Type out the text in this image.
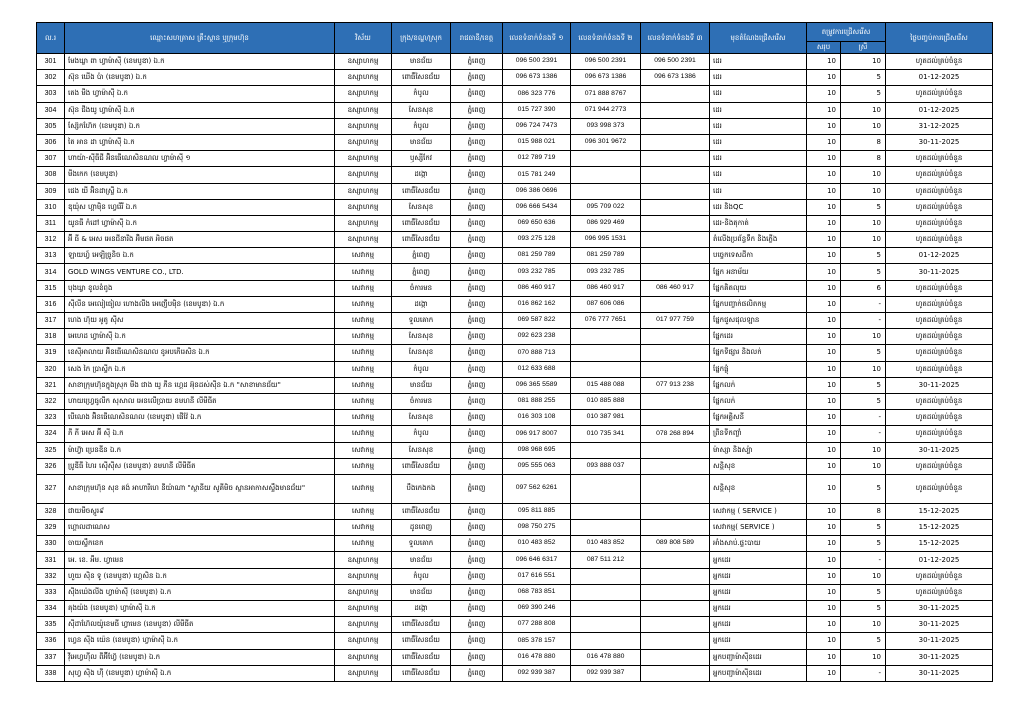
ល.រ	ឈ្មោះសហគ្រាស គ្រឹះស្ថាន ឬក្រុមហ៊ុន	វិស័យ	ក្រុង/ខណ្ឌ/ស្រុក	រាជធានី/ខេត្ត	លេខទំនាក់ទំនងទី ១	លេខទំនាក់ទំនងទី ២	លេខទំនាក់ទំនងទី ៣	មុខតំណែងជ្រើសរើស	តម្រូវការជ្រើសរើស		ថ្ងៃបញ្ចប់ការជ្រើសរើស
									សរុប	ស្រី	
301	មែងឃ្លា ពា ហ្វាម៉ាស៊ី (ខេមបូឌា) ឯ.ក	ឧស្សាហកម្ម	មានជ័យ	ភ្នំពេញ	096 500 2391	096 500 2391	096 500 2391	ដេរ	10	10	ហូតដល់គ្រប់ចំនួន
302	ស៊ុន ឃើង ប៉ា (ខេមបូឌា) ឯ.ក	ឧស្សាហកម្ម	ពោធិ៍សែនជ័យ	ភ្នំពេញ	096 673 1386	096 673 1386	096 673 1386	ដេរ	10	5	01-12-2025
303	តេង មីង ហ្វាម៉ាស៊ី ឯ.ក	ឧស្សាហកម្ម	កំបូល	ភ្នំពេញ	086 323 776	071 888 8767		ដេរ	10	5	ហូតដល់គ្រប់ចំនួន
304	ស៊ុន ជីងយូ ហ្វាម៉ាស៊ី ឯ.ក	ឧស្សាហកម្ម	សែនសុខ	ភ្នំពេញ	015 727 390	071 944 2773		ដេរ	10	10	01-12-2025
305	ស្ស៊ែកហ៊ែក (ខេមបូឌា) ឯ.ក	ឧស្សាហកម្ម	កំបូល	ភ្នំពេញ	096 724 7473	093 998 373		ដេរ	10	10	31-12-2025
306	តៃ អាន ដា ហ្វាម៉ាស៊ី ឯ.ក	ឧស្សាហកម្ម	មានជ័យ	ភ្នំពេញ	015 988 021	096 301 9672		ដេរ	10	8	30-11-2025
307	ហាយ៉ា-ស៊ីធីជី អ៊ិនធើណេសិនណល ហ្វាម៉ាស៊ី ១	ឧស្សាហកម្ម	ឫស្សីកែវ	ភ្នំពេញ	012 789 719			ដេរ	10	8	ហូតដល់គ្រប់ចំនួន
308	មីងកេក (ខេមបូឌា)	ឧស្សាហកម្ម	ដង្កោ	ភ្នំពេញ	015 781 249			ដេរ	10	10	ហូតដល់គ្រប់ចំនួន
309	ជេង យី អ៊ិនដាស្ទ្រី ឯ.ក	ឧស្សាហកម្ម	ពោធិ៍សែនជ័យ	ភ្នំពេញ	096 386 0696			ដេរ	10	10	ហូតដល់គ្រប់ចំនួន
310	ឌុយ៉ុស ហ្គាម៉ិន ហ្វេរើរី ឯ.ក	ឧស្សាហកម្ម	សែនសុខ	ភ្នំពេញ	096 666 5434	095 709 022		ដេរ និងQC	10	5	ហូតដល់គ្រប់ចំនួន
311	យូនធី កំដៅ ហ្វាម៉ាស៊ី ឯ.ក	ឧស្សាហកម្ម	ពោធិ៍សែនជ័យ	ភ្នំពេញ	069 650 636	086 929 469		ដេរ-និងតុកាត់	10	10	ហូតដល់គ្រប់ចំនួន
312	អ៊ី ធី & អេស អេនជីនារីង អ៊ិមផត អិចផត	ឧស្សាហកម្ម	ពោធិ៍សែនជ័យ	ភ្នំពេញ	093 275 128	096 995 1531		តំលើងប្រព័ន្ធទឹក និងភ្លើង	10	10	ហូតដល់គ្រប់ចំនួន
313	ឡាយហ្វ៍ អេឡិច្រូនិច ឯ.ក	សេវាកម្ម	ភ្នំពេញ	ភ្នំពេញ	081 259 789	081 259 789		បច្ចេកទេសដីកា	10	5	01-12-2025
314	GOLD WINGS VENTURE CO., LTD.	សេវាកម្ម	ភ្នំពេញ	ភ្នំពេញ	093 232 785	093 232 785		ផ្នែក អនាម័យ	10	5	30-11-2025
315	បុងឃ្វា ខូលខំពូង	សេវាកម្ម	ចំការមន	ភ្នំពេញ	086 460 917	086 460 917	086 460 917	ផ្នែកគិតលុយ	10	6	ហូតដល់គ្រប់ចំនួន
316	ស៊ីលីន អេលៀធៀល ហោងលីង អេញើបម៉ិន (ខេមបូឌា) ឯ.ក	សេវាកម្ម	ដង្កោ	ភ្នំពេញ	016 862 162	087 606 086		ផ្នែកបញ្ចាក់ផលិតកម្ម	10	-	ហូតដល់គ្រប់ចំនួន
317	ហេង ហ៊ុយ អូតូ ស៊ីស	សេវាកម្ម	ទួលគោក	ភ្នំពេញ	069 587 822	076 777 7651	017 977 759	ផ្នែកជួសជុលឡាន	10	-	ហូតដល់គ្រប់ចំនួន
318	អេហេដ ហ្វាម៉ាស៊ី ឯ.ក	សេវាកម្ម	សែនសុខ	ភ្នំពេញ	092 623 238			ផ្នែកដេរ	10	10	ហូតដល់គ្រប់ចំនួន
319	ខេស៊ីអាលាយ អ៊ិនធើណេសិនណល ខូអបភើរេសិន ឯ.ក	សេវាកម្ម	សែនសុខ	ភ្នំពេញ	070 888 713			ផ្នែកទីផ្សារ និងលក់	10	5	ហូតដល់គ្រប់ចំនួន
320	សេង កៃ ប្រាស្ទីក ឯ.ក	សេវាកម្ម	កំបូល	ភ្នំពេញ	012 633 688			ផ្នែកផ្លុំ	10	10	ហូតដល់គ្រប់ចំនួន
321	សាខាក្រុមហ៊ុនក្នុងស្រុក មីង ជាង យូ ភីន ហ្គេដ អ៊ុនដស់ស៊ីន ឯ.ក "សាខាមានជ័យ"	សេវាកម្ម	មានជ័យ	ភ្នំពេញ	096 365 5589	015 488 088	077 913 238	ផ្នែកលក់	10	5	30-11-2025
322	ហាយហ្វ្រេធូលីក សុសាល អេនលើប្រាយ ខមហនី លីមីធីត	សេវាកម្ម	ចំការមន	ភ្នំពេញ	081 888 255	010 885 888		ផ្នែកលក់	10	5	ហូតដល់គ្រប់ចំនួន
323	បើណេង អ៊ិនធើណេសិនណល (ខេមបូឌា) ផើវ៉ែ ឯ.ក	សេវាកម្ម	សែនសុខ	ភ្នំពេញ	016 303 108	010 387 981		ផ្នែកអគ្គិសនី	10	-	ហូតដល់គ្រប់ចំនួន
324	ភី ភី អេស អ៊ី ស៊ី ឯ.ក	សេវាកម្ម	កំបូល	ភ្នំពេញ	096 917 8007	010 735 341	078 268 894	ព្រីនទីកញ្ចាំ	10	-	ហូតដល់គ្រប់ចំនួន
325	ម៉ាហ៊្វា ប្រេនឌីន ឯ.ក	សេវាកម្ម	សែនសុខ	ភ្នំពេញ	098 968 695			ម៉ាស្សា និងស្ប៉ា	10	10	30-11-2025
326	ប្រូឌីធី ហៃរ ស៊ើស៊ីស (ខេមបូឌា) ខមហនី លីមីធីត	សេវាកម្ម	ពោធិ៍សែនជ័យ	ភ្នំពេញ	095 555 063	093 888 037		សន្តិសុខ	10	10	ហូតដល់គ្រប់ចំនួន
327	សាខាក្រុមហ៊ុន សុខ គង់ អាហារីហេ នីយ៉ាណា "ស្ថានីយ សូគីមិច ស្ថានអាកាសស្ទឹងមានជ័យ"	សេវាកម្ម	បឹងកេងកង	ភ្នំពេញ	097 562 6261			សន្តិសុខ	10	5	ហូតដល់គ្រប់ចំនួន
328	ជាយមីចស្តូរ៩	សេវាកម្ម	ពោធិ៍សែនជ័យ	ភ្នំពេញ	095 811 885			សេវាកម្ម ( SERVICE )	10	8	15-12-2025
329	ហ្គោលដាណេស	សេវាកម្ម	ដូនពេញ	ភ្នំពេញ	098 750 275			សេវាកម្ម( SERVICE )	10	5	15-12-2025
330	ចាយស្ទឹកខេក	សេវាកម្ម	ទួលគោក	ភ្នំពេញ	010 483 852	010 483 852	089 808 589	អាំងសាប់.ផ្ទះបាយ	10	5	15-12-2025
331	អេ. ខេ. អឹម. ហ្វាមេន	ឧស្សាហកម្ម	មានជ័យ	ភ្នំពេញ	096 646 6317	087 511 212		អ្នកដេរ	10	-	01-12-2025
332	ហួយ ស៊ិន ទូ (ខេមបូឌា) ហ្គេសិន ឯ.ក	ឧស្សាហកម្ម	កំបូល	ភ្នំពេញ	017 616 551			អ្នកដេរ	10	10	ហូតដល់គ្រប់ចំនួន
333	ស៊ីងឃ៉េងលីង ហ្វាម៉ាស៊ី (ខេមបូឌា) ឯ.ក	ឧស្សាហកម្ម	មានជ័យ	ភ្នំពេញ	068 783 851			អ្នកដេរ	10	5	ហូតដល់គ្រប់ចំនួន
334	គុងយ៉ង (ខេមបូឌា) ហ្វាម៉ាស៊ី ឯ.ក	ឧស្សាហកម្ម	ដង្កោ	ភ្នំពេញ	069 390 246			អ្នកដេរ	10	5	30-11-2025
335	ស៊ីដាហ៊ែលយ៉ូខេមធី ហ្វាមេន (ខេមបូឌា) លីមីធីត	ឧស្សាហកម្ម	ពោធិ៍សែនជ័យ	ភ្នំពេញ	077 288 808			អ្នកដេរ	10	10	30-11-2025
336	ហ្វេន ស៊ីង យ៉េន (ខេមបូឌា) ហ្វាម៉ាស៊ី ឯ.ក	ឧស្សាហកម្ម	ពោធិ៍សែនជ័យ	ភ្នំពេញ	085 378 157			អ្នកដេរ	10	5	30-11-2025
337	វ៉ីអេហ្វហ៊ីល ពីអ៊ីហ្វ៊ែ (ខេមបូឌា) ឯ.ក	ឧស្សាហកម្ម	ពោធិ៍សែនជ័យ	ភ្នំពេញ	016 478 880	016 478 880		អ្នកបញ្ជាម៉ាស៊ីនដេរ	10	10	30-11-2025
338	សុហ្វ ស៊ិង ហ៊ី (ខេមបូឌា) ហ្វាម៉ាស៊ី ឯ.ក	ឧស្សាហកម្ម	ពោធិ៍សែនជ័យ	ភ្នំពេញ	092 939 387	092 939 387		អ្នកបញ្ជាម៉ាស៊ីនដេរ	10	-	30-11-2025
